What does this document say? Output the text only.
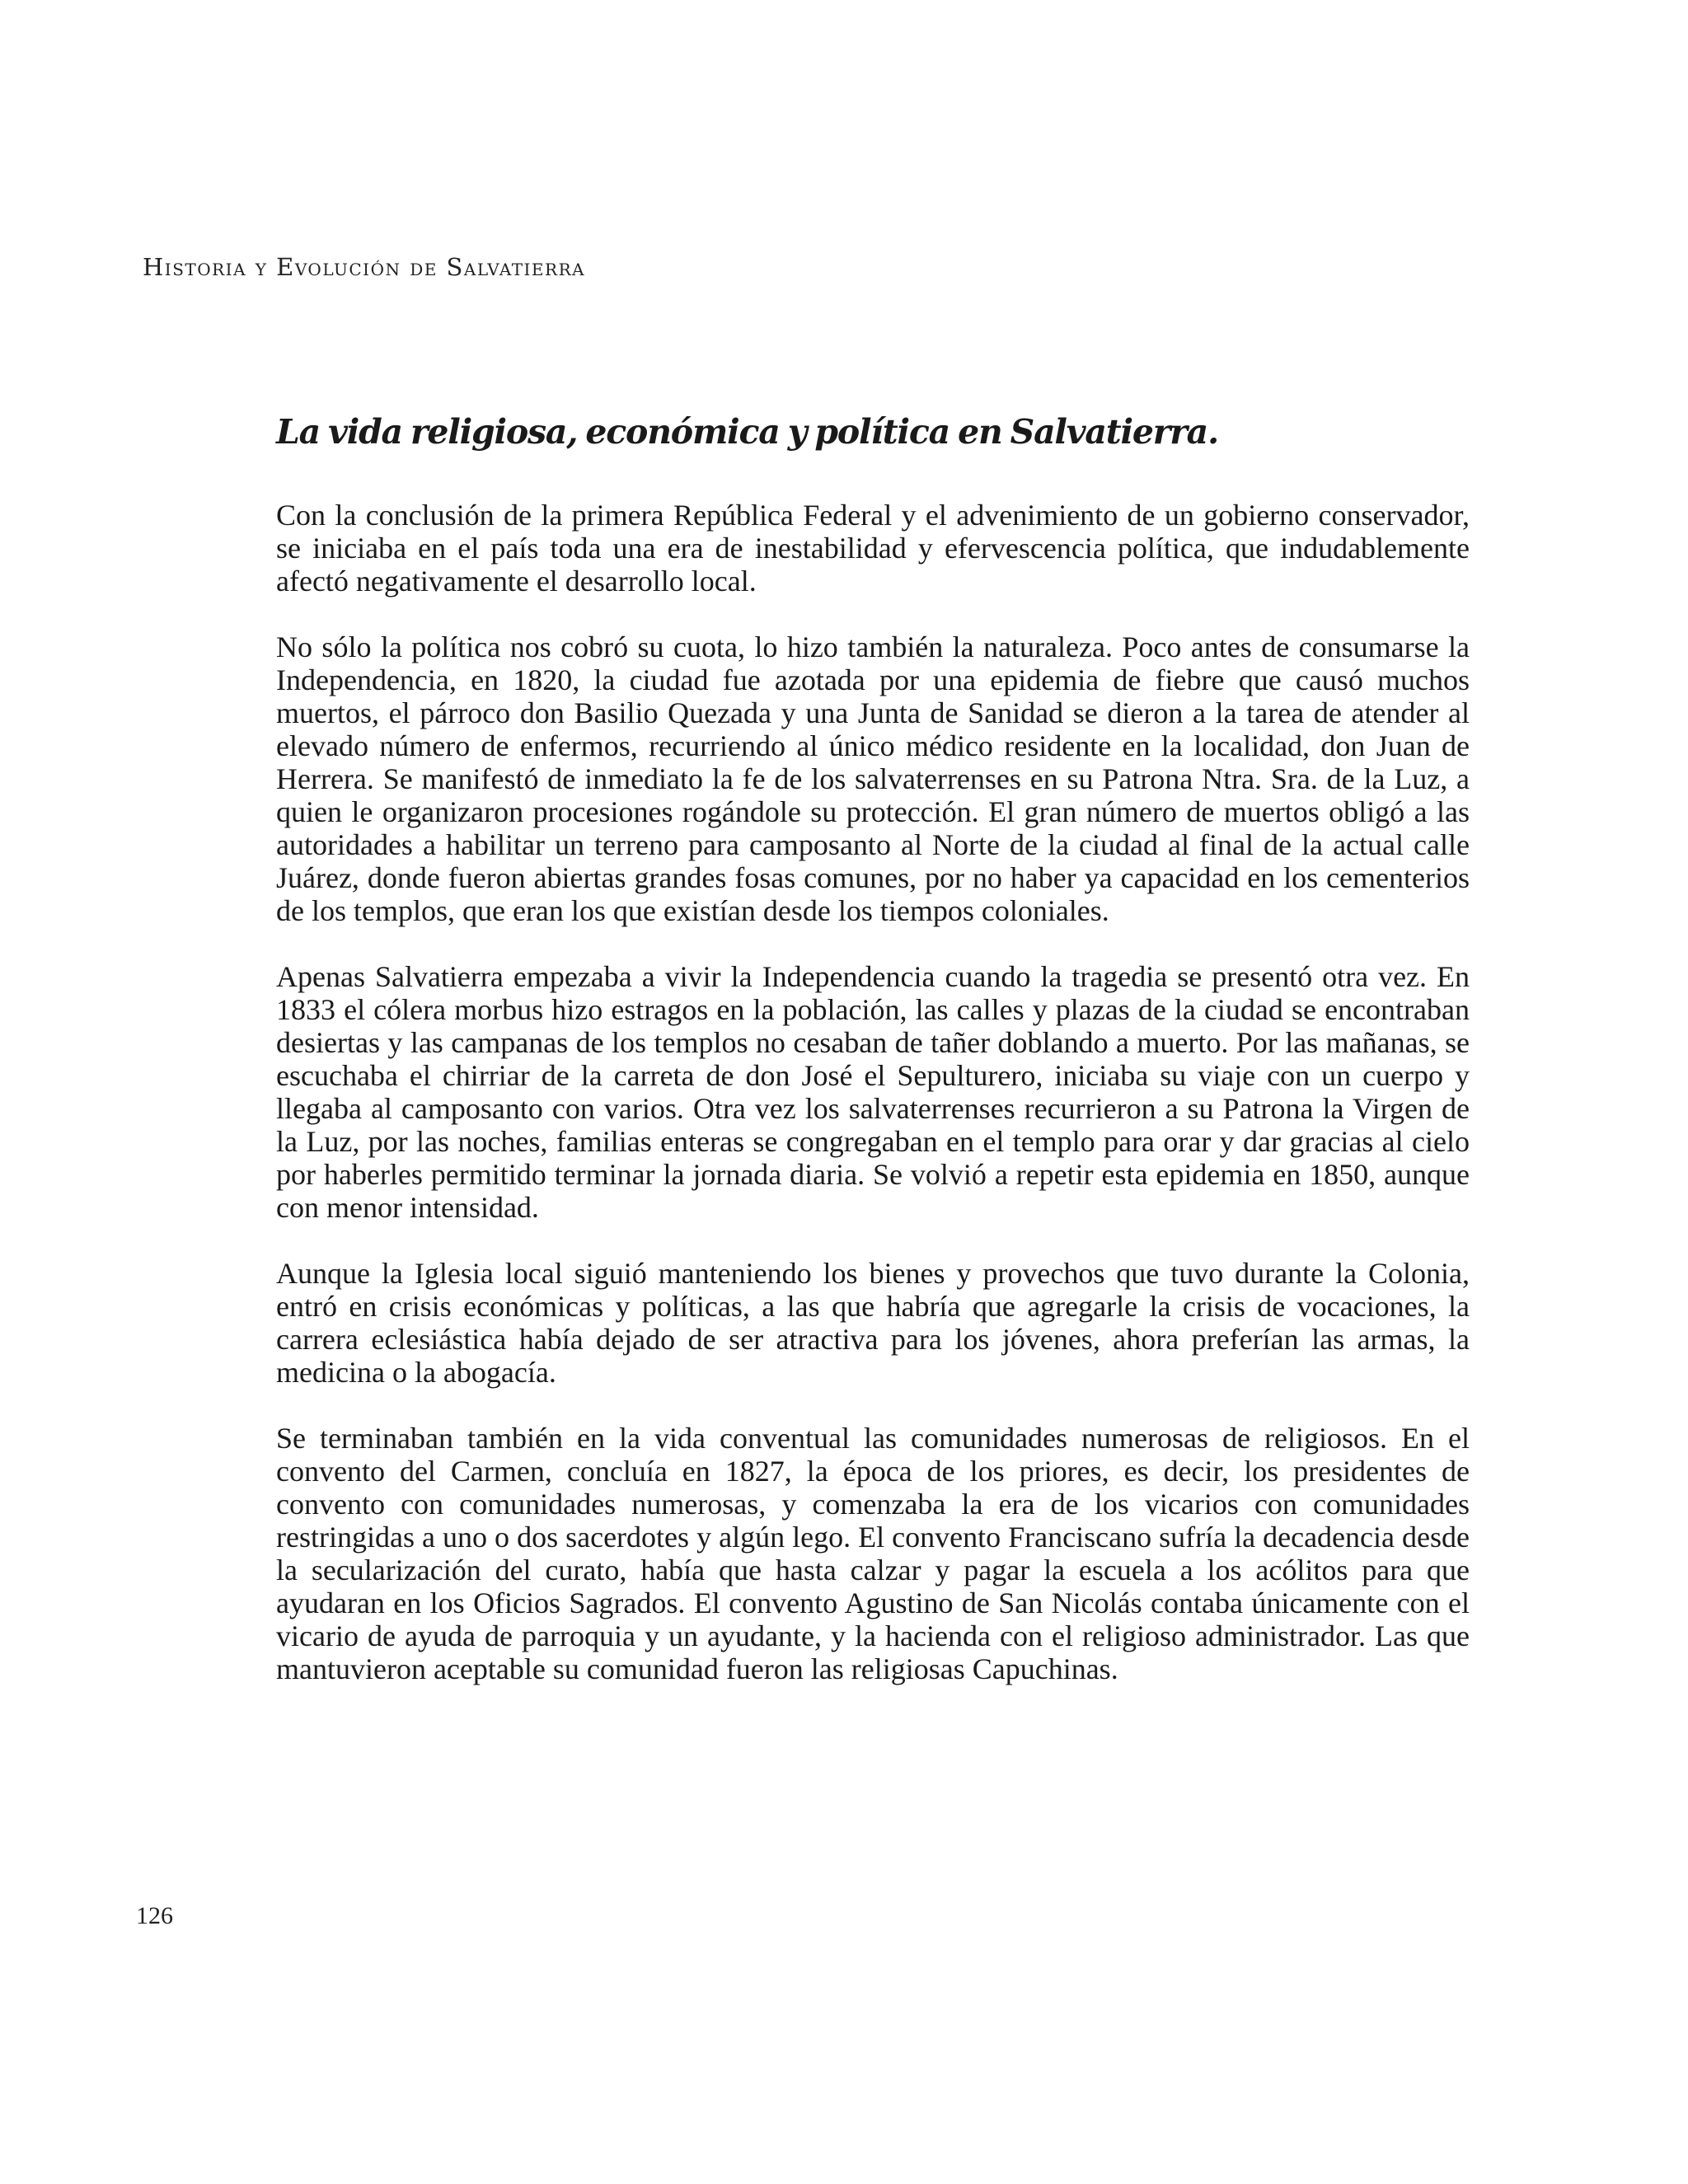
Historia y Evolución de Salvatierra
La vida religiosa, económica y política en Salvatierra.

Con la conclusión de la primera República Federal y el advenimiento de un gobierno conservador, se iniciaba en el país toda una era de inestabilidad y efervescencia política, que indudablemente afectó negativamente el desarrollo local.

No sólo la política nos cobró su cuota, lo hizo también la naturaleza. Poco antes de consumarse la Independencia, en 1820, la ciudad fue azotada por una epidemia de fiebre que causó muchos muertos, el párroco don Basilio Quezada y una Junta de Sanidad se dieron a la tarea de atender al elevado número de enfermos, recurriendo al único médico residente en la localidad, don Juan de Herrera. Se manifestó de inmediato la fe de los salvaterrenses en su Patrona Ntra. Sra. de la Luz, a quien le organizaron procesiones rogándole su protección. El gran número de muertos obligó a las autoridades a habilitar un terreno para camposanto al Norte de la ciudad al final de la actual calle Juárez, donde fueron abiertas grandes fosas comunes, por no haber ya capacidad en los cementerios de los templos, que eran los que existían desde los tiempos coloniales.

Apenas Salvatierra empezaba a vivir la Independencia cuando la tragedia se presentó otra vez. En 1833 el cólera morbus hizo estragos en la población, las calles y plazas de la ciudad se encontraban desiertas y las campanas de los templos no cesaban de tañer doblando a muerto. Por las mañanas, se escuchaba el chirriar de la carreta de don José el Sepulturero, iniciaba su viaje con un cuerpo y llegaba al camposanto con varios. Otra vez los salvaterrenses recurrieron a su Patrona la Virgen de la Luz, por las noches, familias enteras se congregaban en el templo para orar y dar gracias al cielo por haberles permitido terminar la jornada diaria. Se volvió a repetir esta epidemia en 1850, aunque con menor intensidad.

Aunque la Iglesia local siguió manteniendo los bienes y provechos que tuvo durante la Colonia, entró en crisis económicas y políticas, a las que habría que agregarle la crisis de vocaciones, la carrera eclesiástica había dejado de ser atractiva para los jóvenes, ahora preferían las armas, la medicina o la abogacía.

Se terminaban también en la vida conventual las comunidades numerosas de religiosos. En el convento del Carmen, concluía en 1827, la época de los priores, es decir, los presidentes de convento con comunidades numerosas, y comenzaba la era de los vicarios con comunidades restringidas a uno o dos sacerdotes y algún lego. El convento Franciscano sufría la decadencia desde la secularización del curato, había que hasta calzar y pagar la escuela a los acólitos para que ayudaran en los Oficios Sagrados. El convento Agustino de San Nicolás contaba únicamente con el vicario de ayuda de parroquia y un ayudante, y la hacienda con el religioso administrador. Las que mantuvieron aceptable su comunidad fueron las religiosas Capuchinas.

126
